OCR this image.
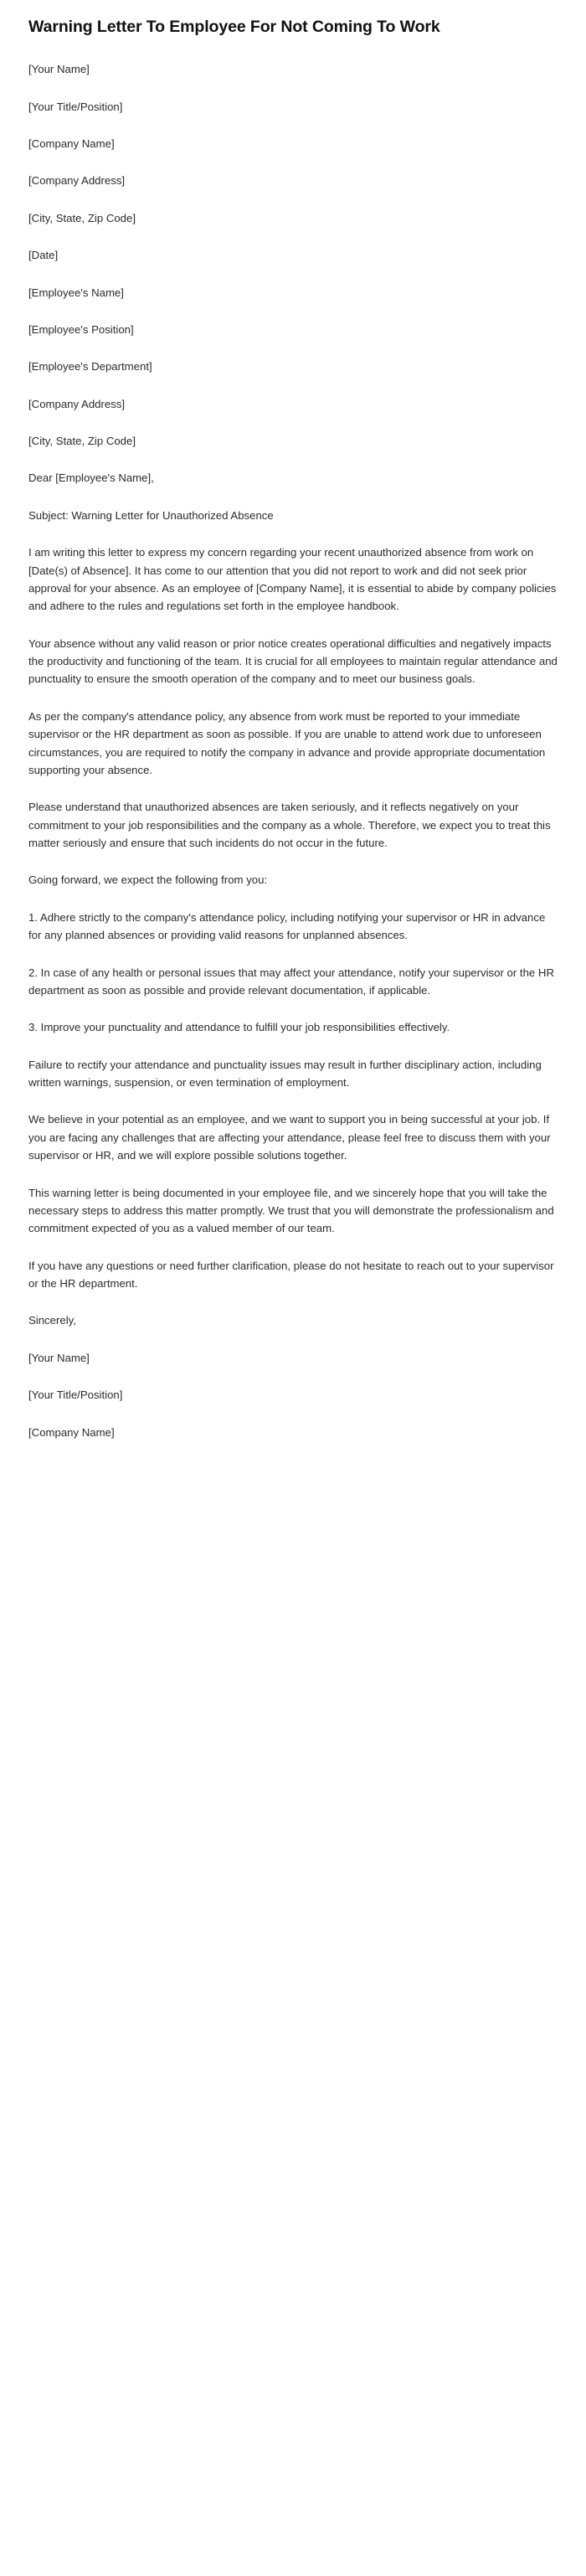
Warning Letter To Employee For Not Coming To Work

[Your Name]

[Your Title/Position]

[Company Name]

[Company Address]

[City, State, Zip Code]

[Date]

[Employee's Name]

[Employee's Position]

[Employee's Department]

[Company Address]

[City, State, Zip Code]

Dear [Employee's Name],

Subject: Warning Letter for Unauthorized Absence

I am writing this letter to express my concern regarding your recent unauthorized absence from work on [Date(s) of Absence]. It has come to our attention that you did not report to work and did not seek prior approval for your absence. As an employee of [Company Name], it is essential to abide by company policies and adhere to the rules and regulations set forth in the employee handbook.

Your absence without any valid reason or prior notice creates operational difficulties and negatively impacts the productivity and functioning of the team. It is crucial for all employees to maintain regular attendance and punctuality to ensure the smooth operation of the company and to meet our business goals.

As per the company's attendance policy, any absence from work must be reported to your immediate supervisor or the HR department as soon as possible. If you are unable to attend work due to unforeseen circumstances, you are required to notify the company in advance and provide appropriate documentation supporting your absence.

Please understand that unauthorized absences are taken seriously, and it reflects negatively on your commitment to your job responsibilities and the company as a whole. Therefore, we expect you to treat this matter seriously and ensure that such incidents do not occur in the future.

Going forward, we expect the following from you:

1. Adhere strictly to the company's attendance policy, including notifying your supervisor or HR in advance for any planned absences or providing valid reasons for unplanned absences.

2. In case of any health or personal issues that may affect your attendance, notify your supervisor or the HR department as soon as possible and provide relevant documentation, if applicable.

3. Improve your punctuality and attendance to fulfill your job responsibilities effectively.

Failure to rectify your attendance and punctuality issues may result in further disciplinary action, including written warnings, suspension, or even termination of employment.

We believe in your potential as an employee, and we want to support you in being successful at your job. If you are facing any challenges that are affecting your attendance, please feel free to discuss them with your supervisor or HR, and we will explore possible solutions together.

This warning letter is being documented in your employee file, and we sincerely hope that you will take the necessary steps to address this matter promptly. We trust that you will demonstrate the professionalism and commitment expected of you as a valued member of our team.

If you have any questions or need further clarification, please do not hesitate to reach out to your supervisor or the HR department.

Sincerely,

[Your Name]

[Your Title/Position]

[Company Name]
